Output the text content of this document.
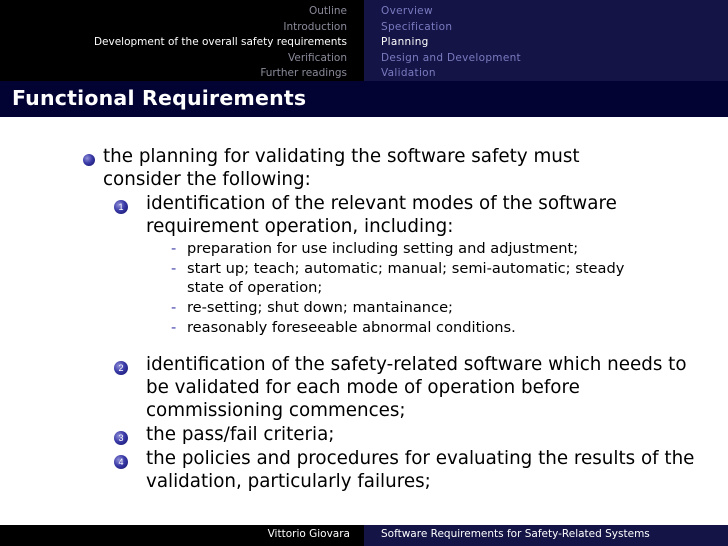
Outline
Introduction
Development of the overall safety requirements
Verification
Further readings
Overview
Specification
Planning
Design and Development
Validation
Functional Requirements
the planning for validating the software safety must
consider the following:
1 identification of the relevant modes of the software
requirement operation, including:
- preparation for use including setting and adjustment;
- start up; teach; automatic; manual; semi-automatic; steady
state of operation;
- re-setting; shut down; mantainance;
- reasonably foreseeable abnormal conditions.
2 identification of the safety-related software which needs to
be validated for each mode of operation before
commissioning commences;
3 the pass/fail criteria;
4 the policies and procedures for evaluating the results of the
validation, particularly failures;
Vittorio Giovara	Software Requirements for Safety-Related Systems
